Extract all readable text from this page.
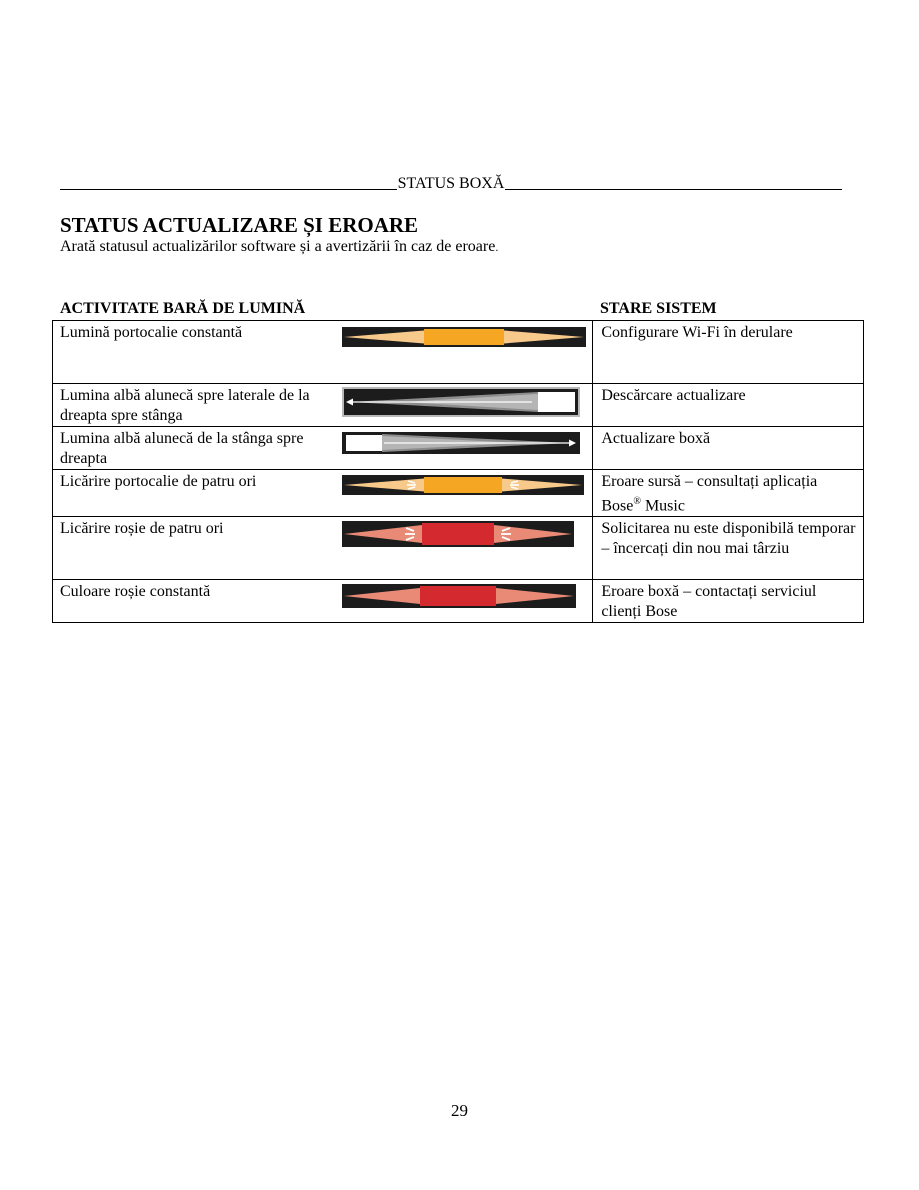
STATUS BOXĂ
STATUS ACTUALIZARE ȘI EROARE

Arată statusul actualizărilor software și a avertizării în caz de eroare.

ACTIVITATE BARĂ DE LUMINĂ	STARE SISTEM
Lumină portocalie constantă		Configurare Wi-Fi în derulare
Lumina albă alunecă spre laterale de la dreapta spre stânga		Descărcare actualizare
Lumina albă alunecă de la stânga spre dreapta		Actualizare boxă
Licărire portocalie de patru ori		Eroare sursă – consultați aplicația Bose® Music
Licărire roșie de patru ori		Solicitarea nu este disponibilă temporar – încercați din nou mai târziu
Culoare roșie constantă		Eroare boxă – contactați serviciul clienți Bose
29
